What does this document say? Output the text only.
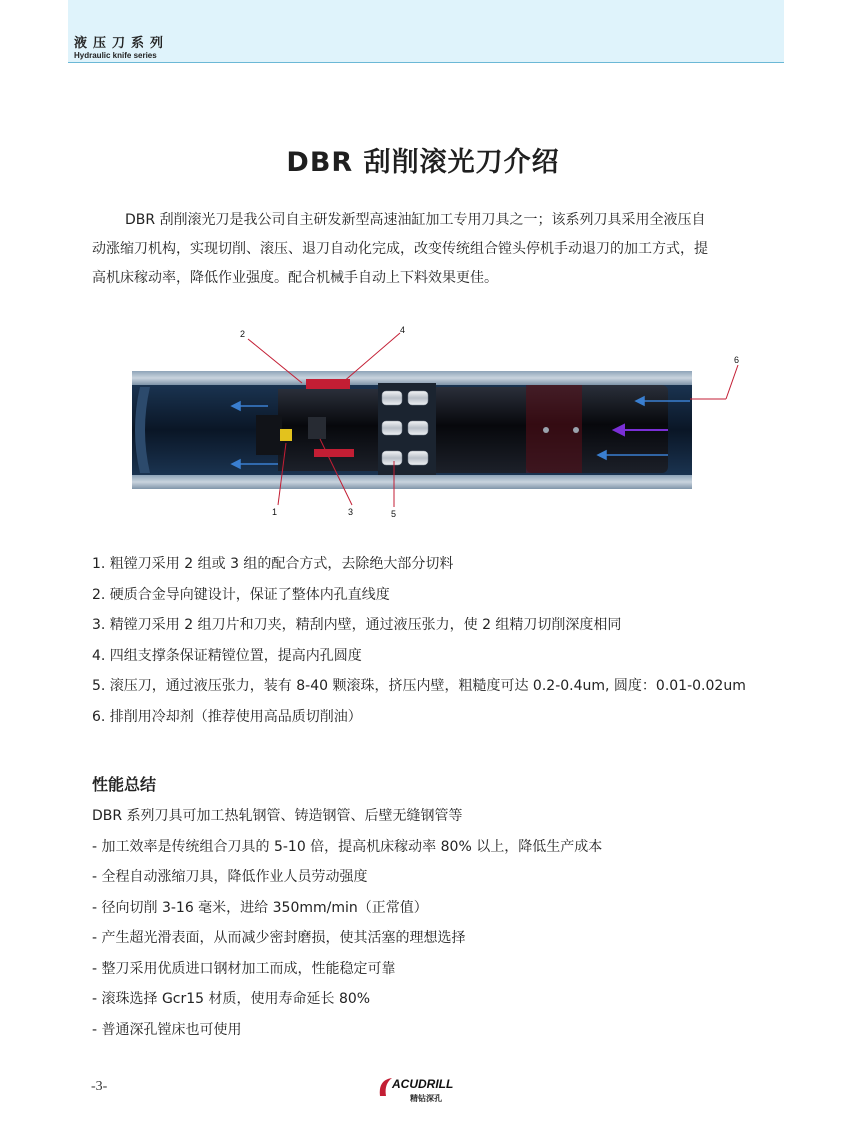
液压刀系列
Hydraulic knife series
DBR 刮削滚光刀介绍

DBR 刮削滚光刀是我公司自主研发新型高速油缸加工专用刀具之一；该系列刀具采用全液压自

动涨缩刀机构，实现切削、滚压、退刀自动化完成，改变传统组合镗头停机手动退刀的加工方式，提

高机床稼动率，降低作业强度。配合机械手自动上下料效果更佳。

2	4
6
1	3	5
1. 粗镗刀采用 2 组或 3 组的配合方式，去除绝大部分切料
2. 硬质合金导向键设计，保证了整体内孔直线度
3. 精镗刀采用 2 组刀片和刀夹，精刮内壁，通过液压张力，使 2 组精刀切削深度相同
4. 四组支撑条保证精镗位置，提高内孔圆度
5. 滚压刀，通过液压张力，装有 8-40 颗滚珠，挤压内壁，粗糙度可达 0.2-0.4um, 圆度：0.01-0.02um
6. 排削用冷却剂（推荐使用高品质切削油）
性能总结
DBR 系列刀具可加工热轧钢管、铸造钢管、后壁无缝钢管等
- 加工效率是传统组合刀具的 5-10 倍，提高机床稼动率 80% 以上，降低生产成本
- 全程自动涨缩刀具，降低作业人员劳动强度
- 径向切削 3-16 毫米，进给 350mm/min（正常值）
- 产生超光滑表面，从而减少密封磨损，使其活塞的理想选择
- 整刀采用优质进口钢材加工而成，性能稳定可靠
- 滚珠选择 Gcr15 材质，使用寿命延长 80%
- 普通深孔镗床也可使用
-3-	ACUDRILL
精钻深孔
